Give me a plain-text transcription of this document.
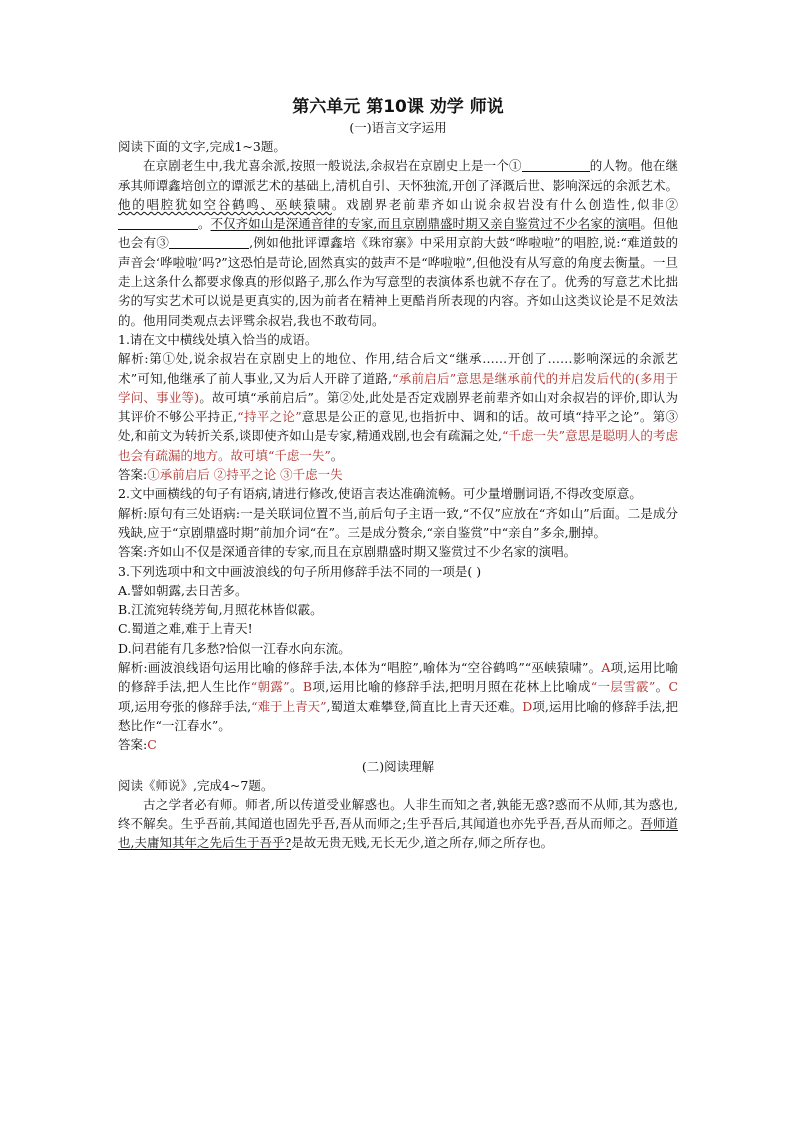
第六单元 第10课 劝学 师说
(一)语言文字运用

阅读下面的文字,完成1~3题。

在京剧老生中,我尤喜余派,按照一般说法,余叔岩在京剧史上是一个①	的人物。他在继承其师谭鑫培创立的谭派艺术的基础上,清机自引、天怀独流,开创了泽溉后世、影响深远的余派艺术。他的唱腔犹如空谷鹤鸣、巫峡猿啸。戏剧界老前辈齐如山说余叔岩没有什么创造性,似非②。不仅齐如山是深通音律的专家,而且京剧鼎盛时期又亲自鉴赏过不少名家的演唱。但他也会有③	,例如他批评谭鑫培《珠帘寨》中采用京韵大鼓“哗啦啦”的唱腔,说:“难道鼓的声音会‘哗啦啦’吗?”这恐怕是苛论,固然真实的鼓声不是“哗啦啦”,但他没有从写意的角度去衡量。一旦走上这条什么都要求像真的形似路子,那么作为写意型的表演体系也就不存在了。优秀的写意艺术比拙劣的写实艺术可以说是更真实的,因为前者在精神上更酷肖所表现的内容。齐如山这类议论是不足效法的。他用同类观点去评骘余叔岩,我也不敢苟同。

1.请在文中横线处填入恰当的成语。

解析:第①处,说余叔岩在京剧史上的地位、作用,结合后文“继承……开创了……影响深远的余派艺术”可知,他继承了前人事业,又为后人开辟了道路,“承前启后”意思是继承前代的并启发后代的(多用于学问、事业等)。故可填“承前启后”。第②处,此处是否定戏剧界老前辈齐如山对余叔岩的评价,即认为其评价不够公平持正,“持平之论”意思是公正的意见,也指折中、调和的话。故可填“持平之论”。第③处,和前文为转折关系,谈即使齐如山是专家,精通戏剧,也会有疏漏之处,“千虑一失”意思是聪明人的考虑也会有疏漏的地方。故可填“千虑一失”。

答案:①承前启后 ②持平之论 ③千虑一失

2.文中画横线的句子有语病,请进行修改,使语言表达准确流畅。可少量增删词语,不得改变原意。

解析:原句有三处语病:一是关联词位置不当,前后句子主语一致,“不仅”应放在“齐如山”后面。二是成分残缺,应于“京剧鼎盛时期”前加介词“在”。三是成分赘余,“亲自鉴赏”中“亲自”多余,删掉。

答案:齐如山不仅是深通音律的专家,而且在京剧鼎盛时期又鉴赏过不少名家的演唱。

3.下列选项中和文中画波浪线的句子所用修辞手法不同的一项是( )

A.譬如朝露,去日苦多。

B.江流宛转绕芳甸,月照花林皆似霰。

C.蜀道之难,难于上青天!

D.问君能有几多愁?恰似一江春水向东流。

解析:画波浪线语句运用比喻的修辞手法,本体为“唱腔”,喻体为“空谷鹤鸣”“巫峡猿啸”。A项,运用比喻的修辞手法,把人生比作“朝露”。B项,运用比喻的修辞手法,把明月照在花林上比喻成“一层雪霰”。C项,运用夸张的修辞手法,“难于上青天”,蜀道太难攀登,简直比上青天还难。D项,运用比喻的修辞手法,把愁比作“一江春水”。

答案:C

(二)阅读理解

阅读《师说》,完成4~7题。

古之学者必有师。师者,所以传道受业解惑也。人非生而知之者,孰能无惑?惑而不从师,其为惑也,终不解矣。生乎吾前,其闻道也固先乎吾,吾从而师之;生乎吾后,其闻道也亦先乎吾,吾从而师之。吾师道也,夫庸知其年之先后生于吾乎?是故无贵无贱,无长无少,道之所存,师之所存也。
